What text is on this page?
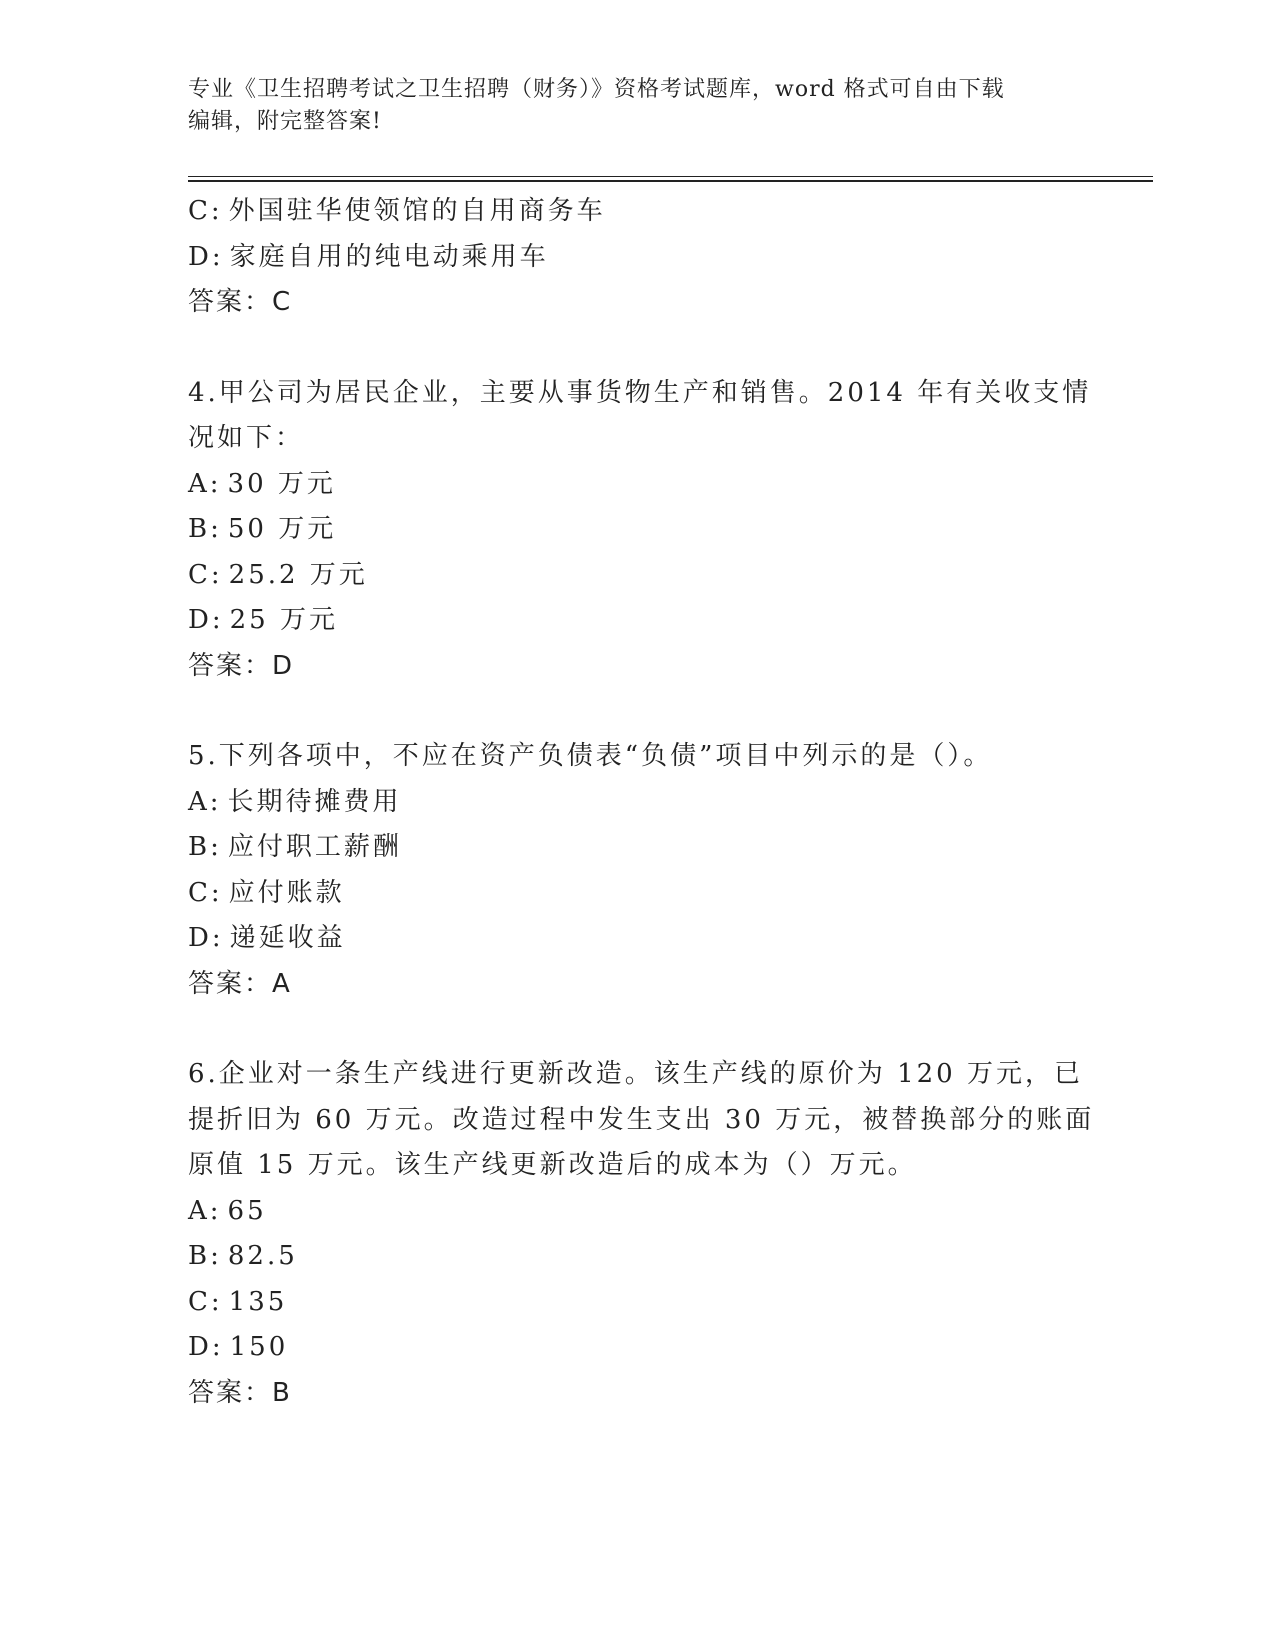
专业《卫生招聘考试之卫生招聘（财务）》资格考试题库，word 格式可自由下载
编辑，附完整答案!
C: 外国驻华使领馆的自用商务车
D: 家庭自用的纯电动乘用车
答案：C
4.甲公司为居民企业，主要从事货物生产和销售。2014 年有关收支情
况如下：
A: 30 万元
B: 50 万元
C: 25.2 万元
D: 25 万元
答案：D
5.下列各项中，不应在资产负债表“负债”项目中列示的是（）。
A: 长期待摊费用
B: 应付职工薪酬
C: 应付账款
D: 递延收益
答案：A
6.企业对一条生产线进行更新改造。该生产线的原价为 120 万元，已
提折旧为 60 万元。改造过程中发生支出 30 万元，被替换部分的账面
原值 15 万元。该生产线更新改造后的成本为（）万元。
A: 65
B: 82.5
C: 135
D: 150
答案：B
